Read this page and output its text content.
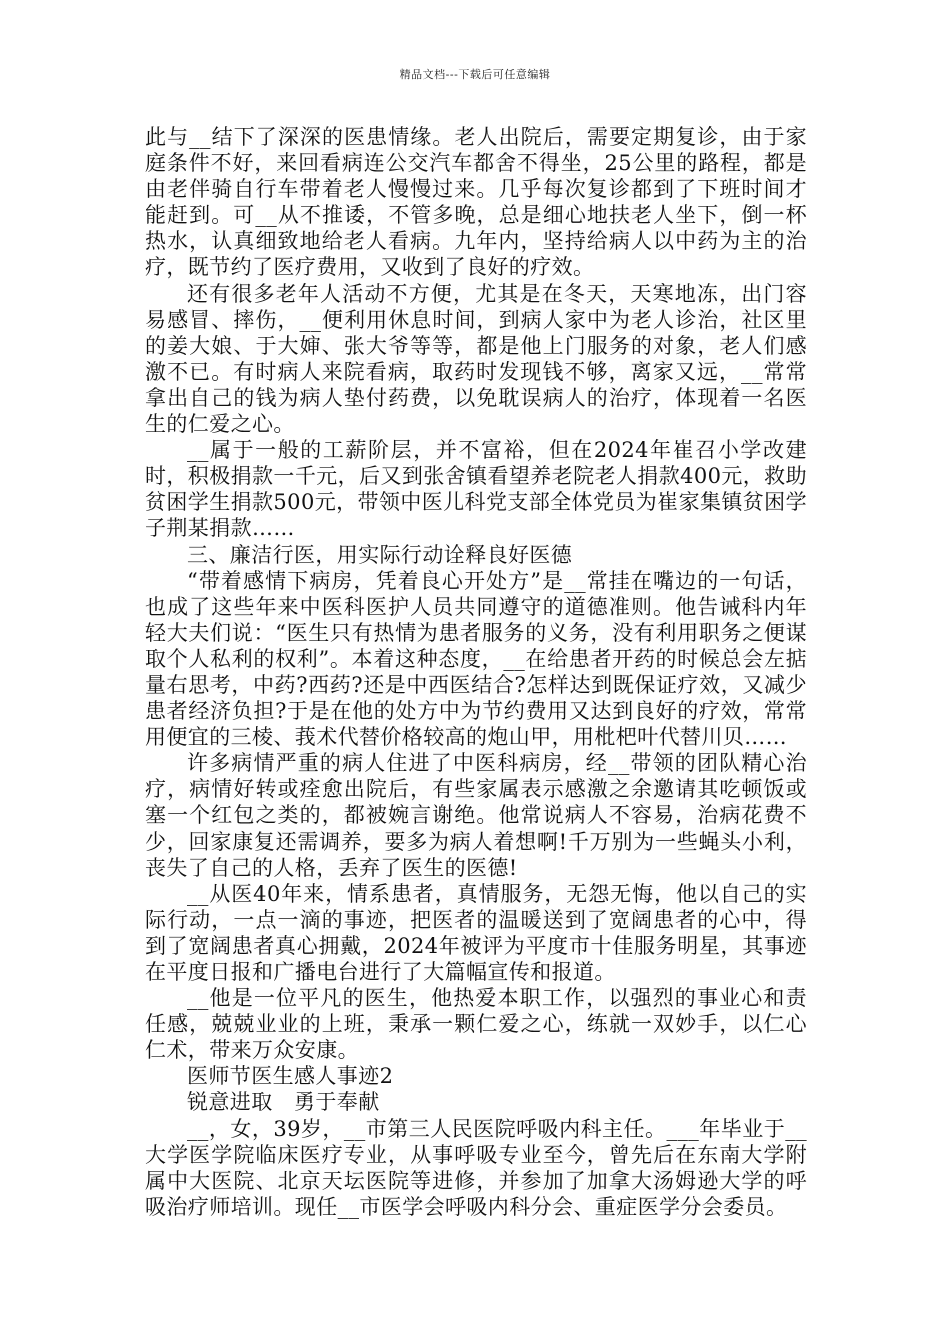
精品文档---下载后可任意编辑

此与__结下了深深的医患情缘。老人出院后，需要定期复诊，由于家庭条件不好，来回看病连公交汽车都舍不得坐，25公里的路程，都是由老伴骑自行车带着老人慢慢过来。几乎每次复诊都到了下班时间才能赶到。可__从不推诿，不管多晚，总是细心地扶老人坐下，倒一杯热水，认真细致地给老人看病。九年内，坚持给病人以中药为主的治疗，既节约了医疗费用，又收到了良好的疗效。

还有很多老年人活动不方便，尤其是在冬天，天寒地冻，出门容易感冒、摔伤，__便利用休息时间，到病人家中为老人诊治，社区里的姜大娘、于大婶、张大爷等等，都是他上门服务的对象，老人们感激不已。有时病人来院看病，取药时发现钱不够，离家又远，__常常拿出自己的钱为病人垫付药费，以免耽误病人的治疗，体现着一名医生的仁爱之心。

__属于一般的工薪阶层，并不富裕，但在2024年崔召小学改建时，积极捐款一千元，后又到张舍镇看望养老院老人捐款400元，救助贫困学生捐款500元，带领中医儿科党支部全体党员为崔家集镇贫困学子荆某捐款……

三、廉洁行医，用实际行动诠释良好医德

“带着感情下病房，凭着良心开处方”是__常挂在嘴边的一句话，也成了这些年来中医科医护人员共同遵守的道德准则。他告诫科内年轻大夫们说：“医生只有热情为患者服务的义务，没有利用职务之便谋取个人私利的权利”。本着这种态度，__在给患者开药的时候总会左掂量右思考，中药?西药?还是中西医结合?怎样达到既保证疗效，又减少患者经济负担?于是在他的处方中为节约费用又达到良好的疗效，常常用便宜的三棱、莪术代替价格较高的炮山甲，用枇杷叶代替川贝……

许多病情严重的病人住进了中医科病房，经__带领的团队精心治疗，病情好转或痊愈出院后，有些家属表示感激之余邀请其吃顿饭或塞一个红包之类的，都被婉言谢绝。他常说病人不容易，治病花费不少，回家康复还需调养，要多为病人着想啊!千万别为一些蝇头小利，丧失了自己的人格，丢弃了医生的医德!

__从医40年来，情系患者，真情服务，无怨无悔，他以自己的实际行动，一点一滴的事迹，把医者的温暖送到了宽阔患者的心中，得到了宽阔患者真心拥戴，2024年被评为平度市十佳服务明星，其事迹在平度日报和广播电台进行了大篇幅宣传和报道。

__他是一位平凡的医生，他热爱本职工作，以强烈的事业心和责任感，兢兢业业的上班，秉承一颗仁爱之心，练就一双妙手，以仁心仁术，带来万众安康。

医师节医生感人事迹2

锐意进取　勇于奉献

__，女，39岁，__市第三人民医院呼吸内科主任。___年毕业于__大学医学院临床医疗专业，从事呼吸专业至今，曾先后在东南大学附属中大医院、北京天坛医院等进修，并参加了加拿大汤姆逊大学的呼吸治疗师培训。现任__市医学会呼吸内科分会、重症医学分会委员。
